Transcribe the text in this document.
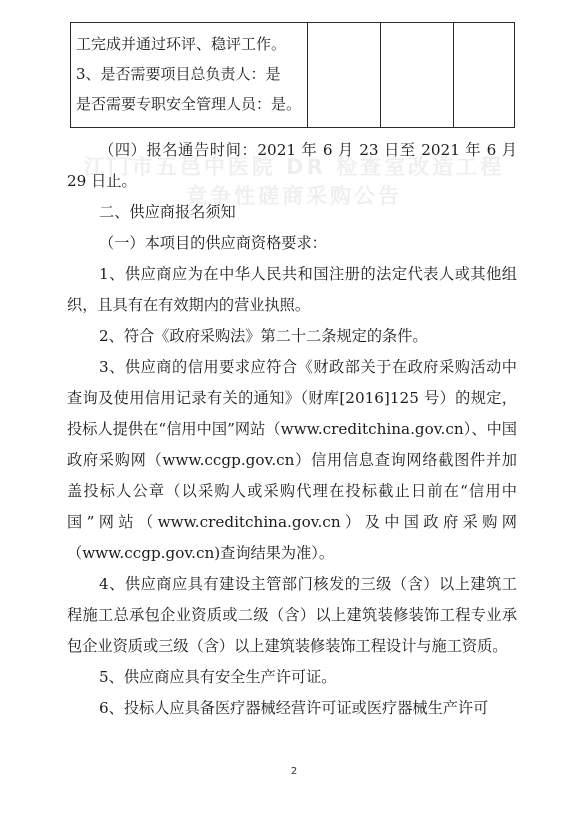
江门市五邑中医院 DR 检查室改造工程
竞争性磋商采购公告
工完成并通过环评、稳评工作。
3、是否需要项目总负责人：是
是否需要专职安全管理人员：是。

（四）报名通告时间：2021 年 6 月 23 日至 2021 年 6 月 29 日止。

二、供应商报名须知

（一）本项目的供应商资格要求：

1、供应商应为在中华人民共和国注册的法定代表人或其他组织，且具有在有效期内的营业执照。

2、符合《政府采购法》第二十二条规定的条件。

3、供应商的信用要求应符合《财政部关于在政府采购活动中查询及使用信用记录有关的通知》（财库[2016]125 号）的规定，投标人提供在“信用中国”网站（www.creditchina.gov.cn）、中国政府采购网（www.ccgp.gov.cn）信用信息查询网络截图件并加盖投标人公章（以采购人或采购代理在投标截止日前在“信用中国”网站（www.creditchina.gov.cn）及中国政府采购网（www.ccgp.gov.cn)查询结果为准）。

4、供应商应具有建设主管部门核发的三级（含）以上建筑工程施工总承包企业资质或二级（含）以上建筑装修装饰工程专业承包企业资质或三级（含）以上建筑装修装饰工程设计与施工资质。

5、供应商应具有安全生产许可证。

6、投标人应具备医疗器械经营许可证或医疗器械生产许可

2
